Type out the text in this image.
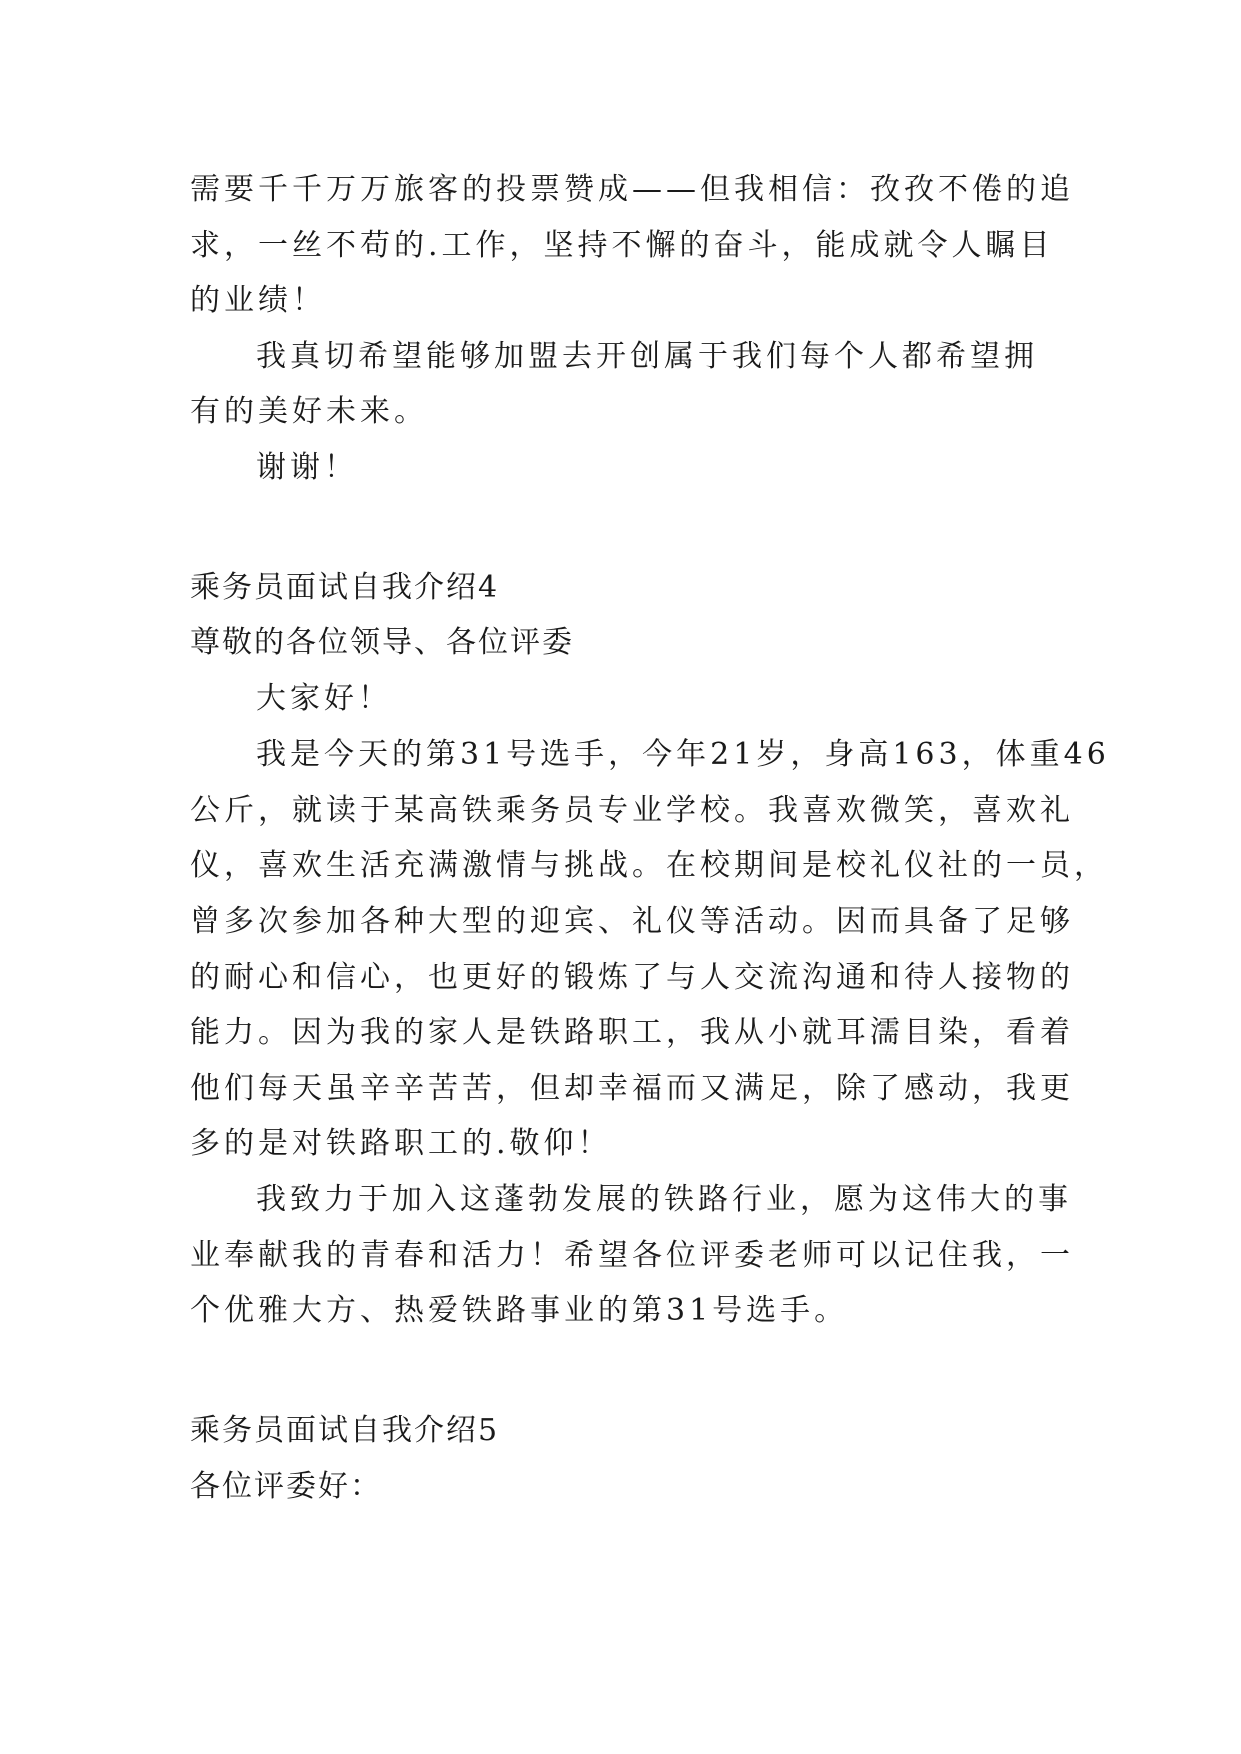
需要千千万万旅客的投票赞成——但我相信：孜孜不倦的追
求，一丝不苟的.工作，坚持不懈的奋斗，能成就令人瞩目
的业绩！
我真切希望能够加盟去开创属于我们每个人都希望拥
有的美好未来。
谢谢！
乘务员面试自我介绍4
尊敬的各位领导、各位评委
大家好！
我是今天的第31号选手，今年21岁，身高163，体重46
公斤，就读于某高铁乘务员专业学校。我喜欢微笑，喜欢礼
仪，喜欢生活充满激情与挑战。在校期间是校礼仪社的一员，
曾多次参加各种大型的迎宾、礼仪等活动。因而具备了足够
的耐心和信心，也更好的锻炼了与人交流沟通和待人接物的
能力。因为我的家人是铁路职工，我从小就耳濡目染，看着
他们每天虽辛辛苦苦，但却幸福而又满足，除了感动，我更
多的是对铁路职工的.敬仰！
我致力于加入这蓬勃发展的铁路行业，愿为这伟大的事
业奉献我的青春和活力！希望各位评委老师可以记住我，一
个优雅大方、热爱铁路事业的第31号选手。
乘务员面试自我介绍5
各位评委好：
